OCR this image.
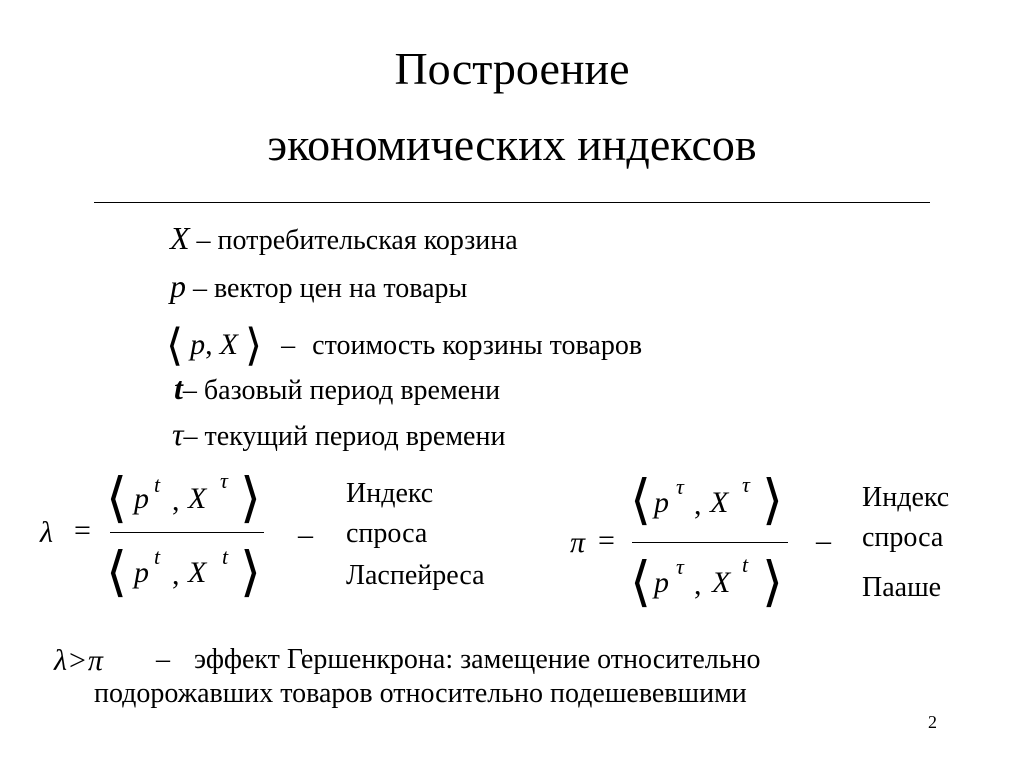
Построение
экономических индексов
X – потребительская корзина
p – вектор цен на товары
⟨ p, X ⟩ – стоимость корзины товаров
t– базовый период времени
τ– текущий период времени
λ =
⟨ p t , X
τ ⟩
⟨ p t
, X t ⟩
–
Индекс
спроса
Ласпейреса
π =
⟨ p τ
, X
τ ⟩
⟨ p τ
, X
t ⟩
–
Индекс
спроса
Пааше
λ>π – эффект Гершенкрона: замещение относительно
подорожавших товаров относительно подешевевшими
2
